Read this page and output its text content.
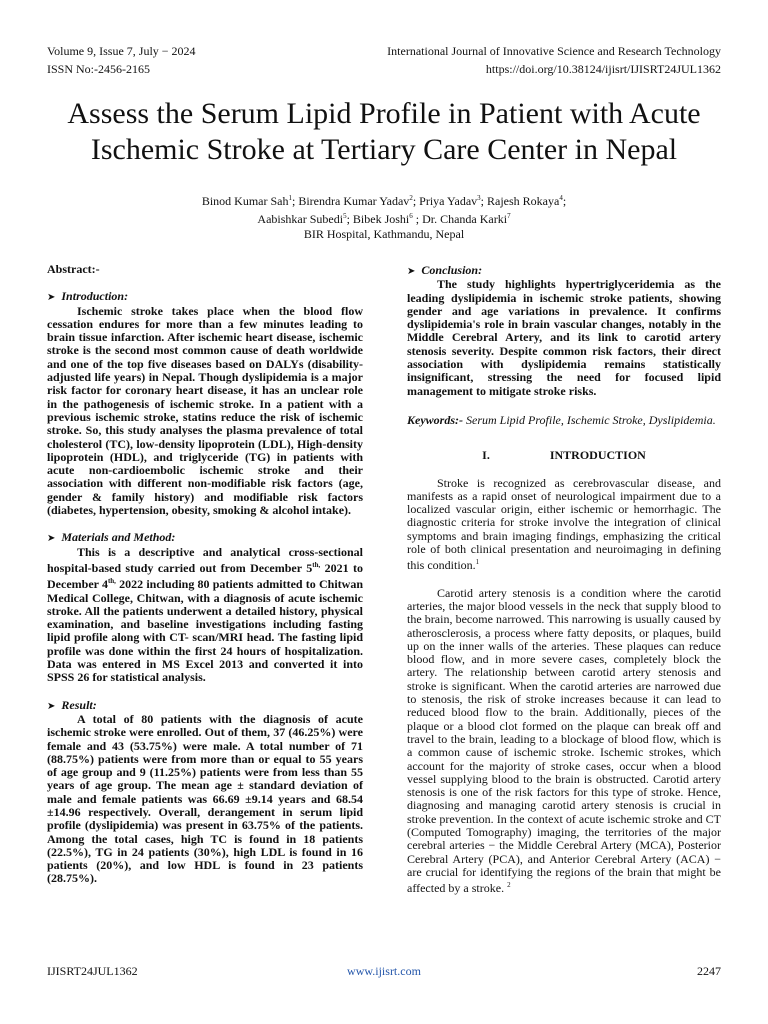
Volume 9, Issue 7, July − 2024
ISSN No:-2456-2165
International Journal of Innovative Science and Research Technology
https://doi.org/10.38124/ijisrt/IJISRT24JUL1362
Assess the Serum Lipid Profile in Patient with Acute
Ischemic Stroke at Tertiary Care Center in Nepal
Binod Kumar Sah$^1$; Birendra Kumar Yadav$^2$; Priya Yadav$^3$; Rajesh Rokaya$^4$;
Aabishkar Subedi$^5$; Bibek Joshi$^6$ ; Dr. Chanda Karki$^7$
BIR Hospital, Kathmandu, Nepal
Abstract:-

➤ Introduction:

Ischemic stroke takes place when the blood flow cessation endures for more than a few minutes leading to brain tissue infarction. After ischemic heart disease, ischemic stroke is the second most common cause of death worldwide and one of the top five diseases based on DALYs (disability-adjusted life years) in Nepal. Though dyslipidemia is a major risk factor for coronary heart disease, it has an unclear role in the pathogenesis of ischemic stroke. In a patient with a previous ischemic stroke, statins reduce the risk of ischemic stroke. So, this study analyses the plasma prevalence of total cholesterol (TC), low-density lipoprotein (LDL), High-density lipoprotein (HDL), and triglyceride (TG) in patients with acute non-cardioembolic ischemic stroke and their association with different non-modifiable risk factors (age, gender & family history) and modifiable risk factors (diabetes, hypertension, obesity, smoking & alcohol intake).

➤ Materials and Method:

This is a descriptive and analytical cross-sectional hospital-based study carried out from December 5$^{th,}$ 2021 to December 4$^{th,}$ 2022 including 80 patients admitted to Chitwan Medical College, Chitwan, with a diagnosis of acute ischemic stroke. All the patients underwent a detailed history, physical examination, and baseline investigations including fasting lipid profile along with CT- scan/MRI head. The fasting lipid profile was done within the first 24 hours of hospitalization. Data was entered in MS Excel 2013 and converted it into SPSS 26 for statistical analysis.

➤ Result:

A total of 80 patients with the diagnosis of acute ischemic stroke were enrolled. Out of them, 37 (46.25%) were female and 43 (53.75%) were male. A total number of 71 (88.75%) patients were from more than or equal to 55 years of age group and 9 (11.25%) patients were from less than 55 years of age group. The mean age ± standard deviation of male and female patients was 66.69 ±9.14 years and 68.54 ±14.96 respectively. Overall, derangement in serum lipid profile (dyslipidemia) was present in 63.75% of the patients. Among the total cases, high TC is found in 18 patients (22.5%), TG in 24 patients (30%), high LDL is found in 16 patients (20%), and low HDL is found in 23 patients (28.75%).

➤ Conclusion:

The study highlights hypertriglyceridemia as the leading dyslipidemia in ischemic stroke patients, showing gender and age variations in prevalence. It confirms dyslipidemia's role in brain vascular changes, notably in the Middle Cerebral Artery, and its link to carotid artery stenosis severity. Despite common risk factors, their direct association with dyslipidemia remains statistically insignificant, stressing the need for focused lipid management to mitigate stroke risks.

Keywords:- Serum Lipid Profile, Ischemic Stroke, Dyslipidemia.

I.	INTRODUCTION

Stroke is recognized as cerebrovascular disease, and manifests as a rapid onset of neurological impairment due to a localized vascular origin, either ischemic or hemorrhagic. The diagnostic criteria for stroke involve the integration of clinical symptoms and brain imaging findings, emphasizing the critical role of both clinical presentation and neuroimaging in defining this condition.$^1$

Carotid artery stenosis is a condition where the carotid arteries, the major blood vessels in the neck that supply blood to the brain, become narrowed. This narrowing is usually caused by atherosclerosis, a process where fatty deposits, or plaques, build up on the inner walls of the arteries. These plaques can reduce blood flow, and in more severe cases, completely block the artery. The relationship between carotid artery stenosis and stroke is significant. When the carotid arteries are narrowed due to stenosis, the risk of stroke increases because it can lead to reduced blood flow to the brain. Additionally, pieces of the plaque or a blood clot formed on the plaque can break off and travel to the brain, leading to a blockage of blood flow, which is a common cause of ischemic stroke. Ischemic strokes, which account for the majority of stroke cases, occur when a blood vessel supplying blood to the brain is obstructed. Carotid artery stenosis is one of the risk factors for this type of stroke. Hence, diagnosing and managing carotid artery stenosis is crucial in stroke prevention. In the context of acute ischemic stroke and CT (Computed Tomography) imaging, the territories of the major cerebral arteries − the Middle Cerebral Artery (MCA), Posterior Cerebral Artery (PCA), and Anterior Cerebral Artery (ACA) − are crucial for identifying the regions of the brain that might be affected by a stroke. $^2$

IJISRT24JUL1362	www.ijisrt.com	2247
